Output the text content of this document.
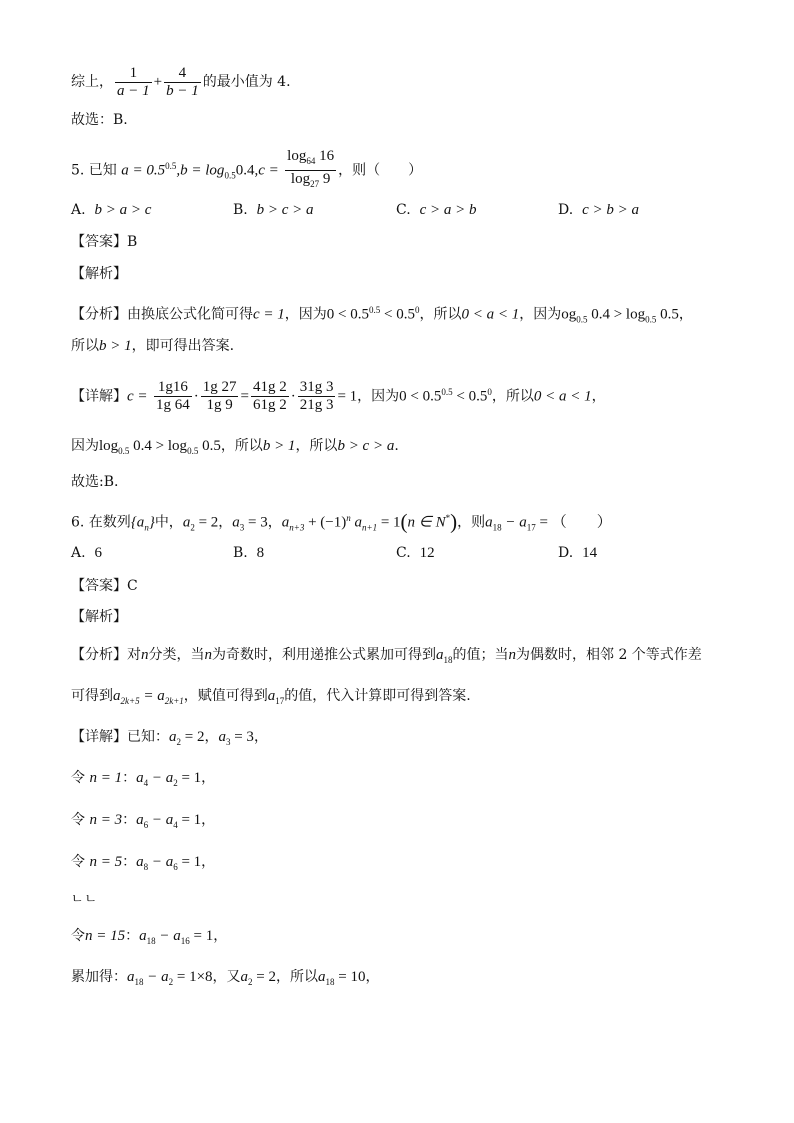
综上， $\frac{1}{a - 1} + \frac{4}{b - 1}$ 的最小值为 4.
故选：B.
5. 已知 $a = 0.5^{0.5},b = \log_{0.5}0.4,c = \frac{\log_{64} 16}{\log_{27} 9}$ ，则（　　）
A. b > a > c	B. b > c > a	C. c > a > b	D. c > b > a
【答案】B
【解析】
【分析】由换底公式化简可得c = 1，因为$0 < 0.5^{0.5} < 0.5^0$，所以0 < a < 1，因为$og_{0.5}$ $0.4 > \log_{0.5} 0.5$，
所以b > 1，即可得出答案.
【详解】$c = \frac{1g16}{1g 64} \cdot \frac{1g 27}{1g 9} = \frac{41g 2}{61g 2} \cdot \frac{31g 3}{21g 3} = 1$，因为$0 < 0.5^{0.5} < 0.5^0$，所以0 < a < 1，
因为$\log_{0.5} 0.4 > \log_{0.5} 0.5$，所以b > 1，所以b > c > a.
故选:B.
6. 在数列$\{a_n\}$中，$a_2 = 2$，$a_3 = 3$，$a_{n+3} + (-1)^n$ $a_{n+1} = 1(n$ ∈ N*)，则$a_{18} - a_{17}$ = （　　）
A. 6	B. 8	C. 12	D. 14
【答案】C
【解析】
【分析】对n分类，当n为奇数时，利用递推公式累加可得到$a_{18}$的值；当n为偶数时，相邻 2 个等式作差
可得到$a_{2k+5} = a_{2k+1}$，赋值可得到$a_{17}$的值，代入计算即可得到答案.
【详解】已知：$a_2 = 2$，$a_3 = 3$，
令 n = 1：$a_4 - a_2 = 1$，
令 n = 3：$a_6 - a_4 = 1$，
令 n = 5：$a_8 - a_6 = 1$，
ㄴㄴ
令n = 15：$a_{18} - a_{16} = 1$，
累加得：$a_{18} - a_2 = 1\times 8$，又$a_2 = 2$，所以$a_{18} = 10$，
